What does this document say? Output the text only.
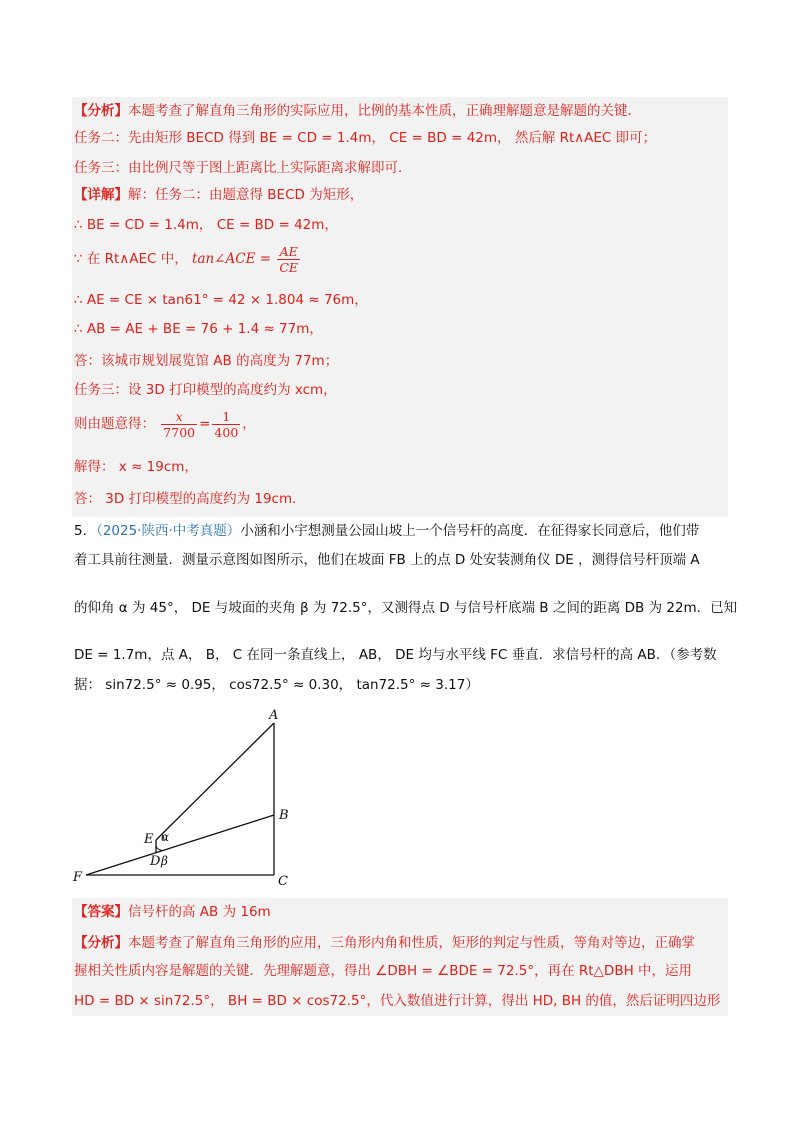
【分析】本题考查了解直角三角形的实际应用，比例的基本性质，正确理解题意是解题的关键．
任务二：先由矩形 BECD 得到 BE = CD = 1.4m， CE = BD = 42m， 然后解 Rt∧AEC 即可；
任务三：由比例尺等于图上距离比上实际距离求解即可．
【详解】解：任务二：由题意得 BECD 为矩形，
∴ BE = CD = 1.4m， CE = BD = 42m，
∵ 在 Rt∧AEC 中， tan∠ACE = $\frac{AE}{CE}$
∴ AE = CE × tan61° = 42 × 1.804 ≈ 76m，
∴ AB = AE + BE = 76 + 1.4 ≈ 77m，
答：该城市规划展览馆 AB 的高度为 77m；
任务三：设 3D 打印模型的高度约为 xcm，
则由题意得： $\frac{x}{7700} = \frac{1}{400}$ ，
解得： x ≈ 19cm，
答： 3D 打印模型的高度约为 19cm．
5．（2025·陕西·中考真题）小涵和小宇想测量公园山坡上一个信号杆的高度．在征得家长同意后，他们带
着工具前往测量．测量示意图如图所示，他们在坡面 FB 上的点 D 处安装测角仪 DE ，测得信号杆顶端 A
的仰角 α 为 45°， DE 与坡面的夹角 β 为 72.5°，又测得点 D 与信号杆底端 B 之间的距离 DB 为 22m．已知
DE = 1.7m，点 A， B， C 在同一条直线上， AB， DE 均与水平线 FC 垂直．求信号杆的高 AB．（参考数
据： sin72.5° ≈ 0.95， cos72.5° ≈ 0.30， tan72.5° ≈ 3.17）
A
B
C
D
E
F
α
β
【答案】信号杆的高 AB 为 16m
【分析】本题考查了解直角三角形的应用，三角形内角和性质，矩形的判定与性质，等角对等边，正确掌
握相关性质内容是解题的关键．先理解题意，得出 ∠DBH = ∠BDE = 72.5°，再在 Rt△DBH 中，运用
HD = BD × sin72.5°， BH = BD × cos72.5°，代入数值进行计算，得出 HD, BH 的值，然后证明四边形
